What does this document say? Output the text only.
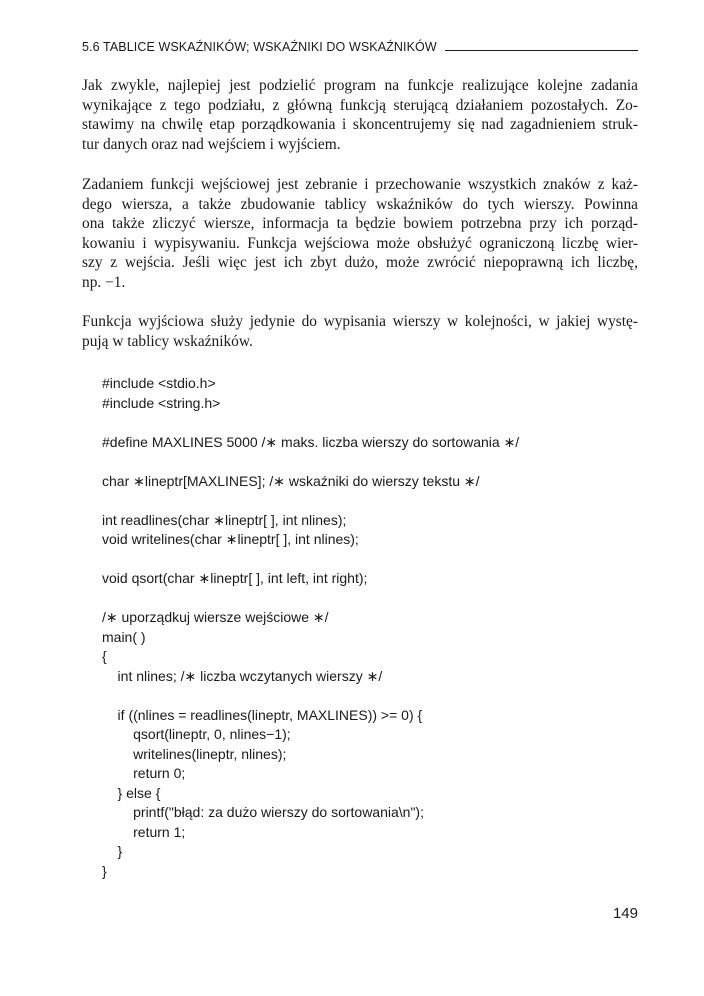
5.6 TABLICE WSKAŹNIKÓW; WSKAŹNIKI DO WSKAŹNIKÓW
Jak zwykle, najlepiej jest podzielić program na funkcje realizujące kolejne zadania
wynikające z tego podziału, z główną funkcją sterującą działaniem pozostałych. Zo-
stawimy na chwilę etap porządkowania i skoncentrujemy się nad zagadnieniem struk-
tur danych oraz nad wejściem i wyjściem.
Zadaniem funkcji wejściowej jest zebranie i przechowanie wszystkich znaków z każ-
dego wiersza, a także zbudowanie tablicy wskaźników do tych wierszy. Powinna
ona także zliczyć wiersze, informacja ta będzie bowiem potrzebna przy ich porząd-
kowaniu i wypisywaniu. Funkcja wejściowa może obsłużyć ograniczoną liczbę wier-
szy z wejścia. Jeśli więc jest ich zbyt dużo, może zwrócić niepoprawną ich liczbę,
np. −1.
Funkcja wyjściowa służy jedynie do wypisania wierszy w kolejności, w jakiej wystę-
pują w tablicy wskaźników.
#include <stdio.h>
#include <string.h>

#define MAXLINES 5000 /∗ maks. liczba wierszy do sortowania ∗/

char ∗lineptr[MAXLINES]; /∗ wskaźniki do wierszy tekstu ∗/

int readlines(char ∗lineptr[ ], int nlines);
void writelines(char ∗lineptr[ ], int nlines);

void qsort(char ∗lineptr[ ], int left, int right);

/∗ uporządkuj wiersze wejściowe ∗/
main( )
{
int nlines; /∗ liczba wczytanych wierszy ∗/

if ((nlines = readlines(lineptr, MAXLINES)) >= 0) {
qsort(lineptr, 0, nlines−1);
writelines(lineptr, nlines);
return 0;
} else {
printf("błąd: za dużo wierszy do sortowania\n");
return 1;
}
}
149
